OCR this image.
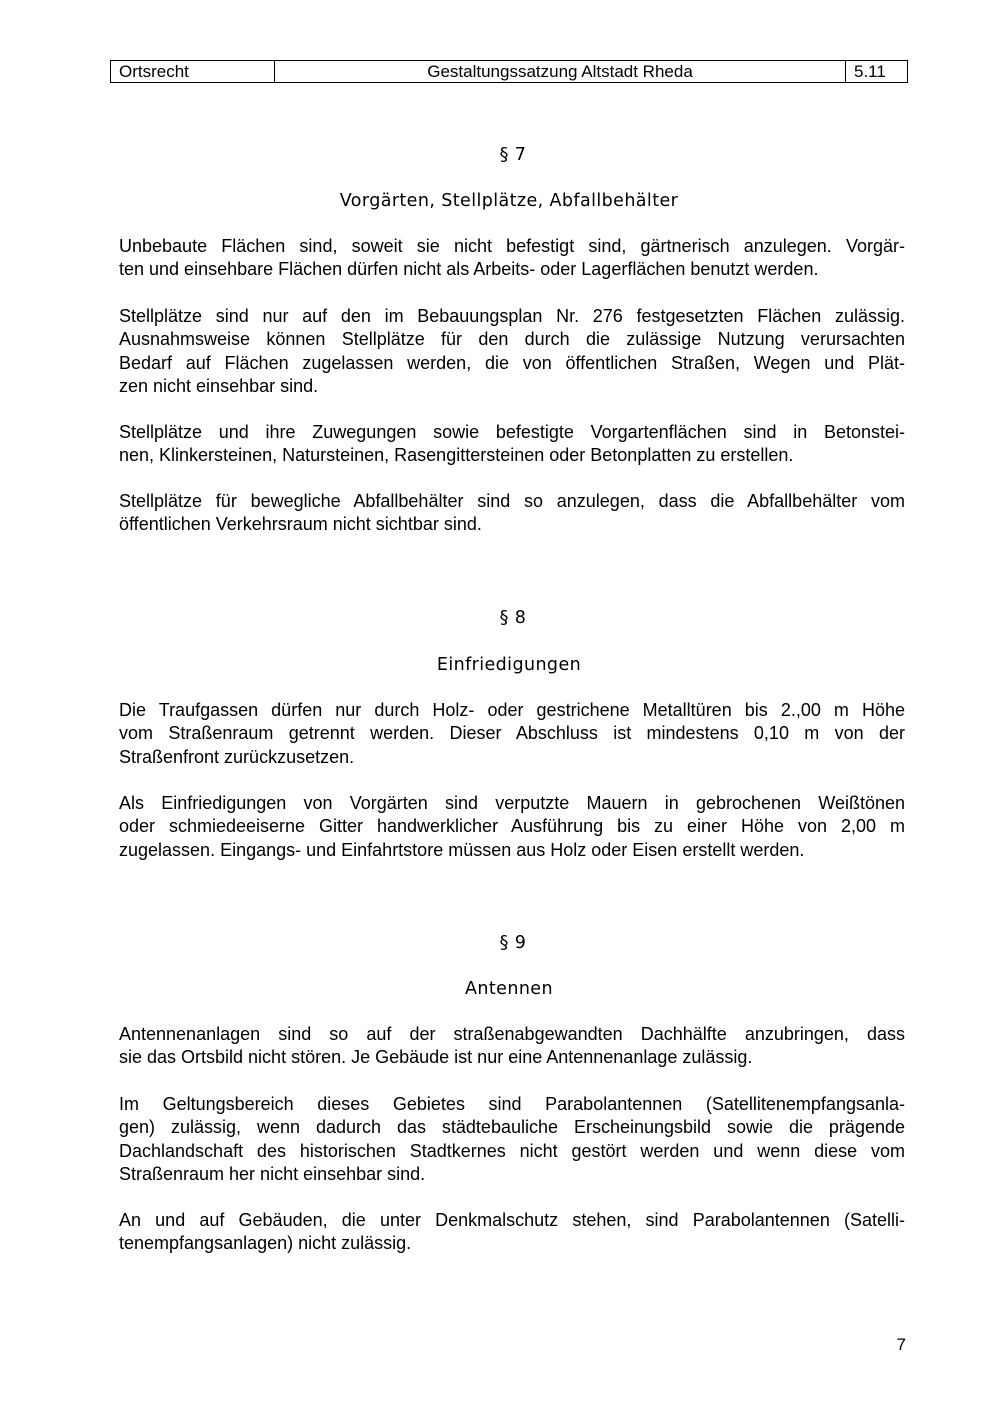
Ortsrecht	Gestaltungssatzung Altstadt Rheda	5.11
§ 7
Vorgärten, Stellplätze, Abfallbehälter
Unbebaute Flächen sind, soweit sie nicht befestigt sind, gärtnerisch anzulegen. Vorgär-
ten und einsehbare Flächen dürfen nicht als Arbeits- oder Lagerflächen benutzt werden.
Stellplätze sind nur auf den im Bebauungsplan Nr. 276 festgesetzten Flächen zulässig.
Ausnahmsweise können Stellplätze für den durch die zulässige Nutzung verursachten
Bedarf auf Flächen zugelassen werden, die von öffentlichen Straßen, Wegen und Plät-
zen nicht einsehbar sind.
Stellplätze und ihre Zuwegungen sowie befestigte Vorgartenflächen sind in Betonstei-
nen, Klinkersteinen, Natursteinen, Rasengittersteinen oder Betonplatten zu erstellen.
Stellplätze für bewegliche Abfallbehälter sind so anzulegen, dass die Abfallbehälter vom
öffentlichen Verkehrsraum nicht sichtbar sind.
§ 8
Einfriedigungen
Die Traufgassen dürfen nur durch Holz- oder gestrichene Metalltüren bis 2.,00 m Höhe
vom Straßenraum getrennt werden. Dieser Abschluss ist mindestens 0,10 m von der
Straßenfront zurückzusetzen.
Als Einfriedigungen von Vorgärten sind verputzte Mauern in gebrochenen Weißtönen
oder schmiedeeiserne Gitter handwerklicher Ausführung bis zu einer Höhe von 2,00 m
zugelassen. Eingangs- und Einfahrtstore müssen aus Holz oder Eisen erstellt werden.
§ 9
Antennen
Antennenanlagen sind so auf der straßenabgewandten Dachhälfte anzubringen, dass
sie das Ortsbild nicht stören. Je Gebäude ist nur eine Antennenanlage zulässig.
Im Geltungsbereich dieses Gebietes sind Parabolantennen (Satellitenempfangsanla-
gen) zulässig, wenn dadurch das städtebauliche Erscheinungsbild sowie die prägende
Dachlandschaft des historischen Stadtkernes nicht gestört werden und wenn diese vom
Straßenraum her nicht einsehbar sind.
An und auf Gebäuden, die unter Denkmalschutz stehen, sind Parabolantennen (Satelli-
tenempfangsanlagen) nicht zulässig.
7
